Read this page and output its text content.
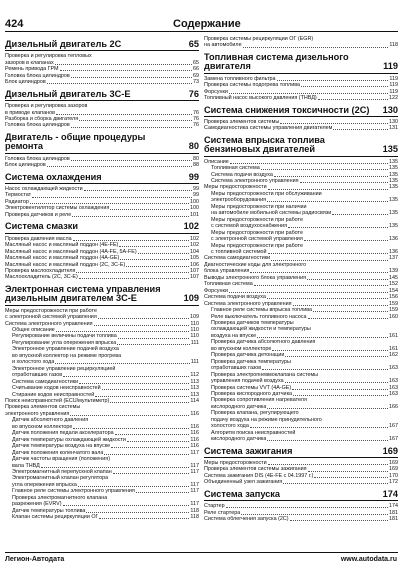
424	Содержание
Дизельный двигатель 2C	65
Проверка и регулировка тепловых
зазоров в клапанах	65
Ремень привода ГРМ	66
Головка блока цилиндров	69
Блок цилиндров	73
Дизельный двигатель 3C-E	76
Проверка и регулировка зазоров
в приводе клапанов	76
Разборка и сборка двигателя	76
Головка блока цилиндров	76
Двигатель - общие процедуры ремонта	80
Головка блока цилиндров	80
Блок цилиндров	88
Система охлаждения	99
Насос охлаждающей жидкости	99
Термостат	99
Радиатор	100
Электровентилятор системы охлаждения	100
Проверка датчиков и реле	101
Система смазки	102
Проверка давления масла	102
Масляный насос и масляный поддон (4E-FE)	102
Масляный насос и масляный поддон (4A-FE, 5A-FE)	104
Масляный насос и масляный поддон (4A-GE)	105
Масляный насос и масляный поддон (2C, 3C-E)	106
Проверка маслоохладителя	107
Маслоохладитель (2C, 3C-E)	107
Электронная система управления дизельным двигателем 3C-E	109
Меры предосторожности при работе
с электронной системой управления	109
Система электронного управления	110
Общее описание	110
Регулирование величины подачи топлива	110
Регулирование угла опережения впрыска	111
Электронное управление подачей воздуха
во впускной коллектор на режиме прогрева
и холостого хода	111
Электронное управление рециркуляцией
отработавших газов	112
Система самодиагностики	113
Считывание кодов неисправностей	113
Стирание кодов неисправностей	113
Поиск неисправностей (ECU/мультиметр)	114
Проверка элементов системы
электронного управления	116
Датчик абсолютного давления
во впускном коллекторе	116
Датчик положения педали акселератора	116
Датчик температуры охлаждающей жидкости	116
Датчик температуры воздуха на впуске	116
Датчик положения коленчатого вала	117
Датчик частоты вращения (положения)
вала ТНВД	117
Электромагнитный перепускной клапан	117
Электромагнитный клапан регулятора
угла опережения впрыска	117
Главное реле системы электронного управления	117
Проверка электромагнитного клапана
разрежения (EVRV)	117
Датчик температуры топлива	118
Клапан системы рециркуляции ОГ	118
Проверка системы рециркуляции ОГ (EGR)
на автомобиле	118
Топливная система дизельного двигателя	119
Замена топливного фильтра	119
Проверка системы подогрева топлива	119
Форсунки	119
Топливный насос высокого давления (ТНВД)	122
Система снижения токсичности (2C)	130
Проверка элементов системы	130
Самодиагностика системы управления двигателем	131
Система впрыска топлива бензиновых двигателей	135
Описание	135
Топливная система	135
Система подачи воздуха	135
Система электронного управления	135
Меры предосторожности	135
Меры предосторожности при обслуживании
электрооборудования	135
Меры предосторожности при наличии
на автомобиле мобильной системы радиосвязи	135
Меры предосторожности при работе
с системой воздухоснабжения	135
Меры предосторожности при работе
с электронной системой управления	136
Меры предосторожности при работе
с топливной системой	136
Система самодиагностики	137
Диагностические коды для электронного
блока управления	139
Выводы электронного блока управления	145
Топливная система	152
Форсунки	154
Система подачи воздуха	156
Система электронного управления	159
Главное реле системы впрыска топлива	159
Реле выключатель топливного насоса	160
Проверка датчиков температуры
охлаждающей жидкости и температуры
воздуха на впуске	161
Проверка датчика абсолютного давления
во впускном коллекторе	161
Проверка датчика детонации	162
Проверка датчика температуры
отработавших газов	163
Проверка электропневмоклапана системы
управления подачей воздуха	163
Проверка системы VVT (4A-GE)	163
Проверка кислородного датчика	163
Проверка сопротивления нагревателя
кислородного датчика	166
Проверка клапана, регулирующего
подачу воздуха на режиме принудительного
холостого хода	167
Алгоритм поиска неисправностей
кислородного датчика	167
Система зажигания	169
Меры предосторожности	169
Проверка элементов системы зажигания	169
Система зажигания DIS (4E-FE с 04.1997 г.)	170
Объединенный узел зажигания	172
Система запуска	174
Стартер	174
Реле стартера	181
Система облегчения запуска (2C)	181
Легион-Автодата	www.autodata.ru
